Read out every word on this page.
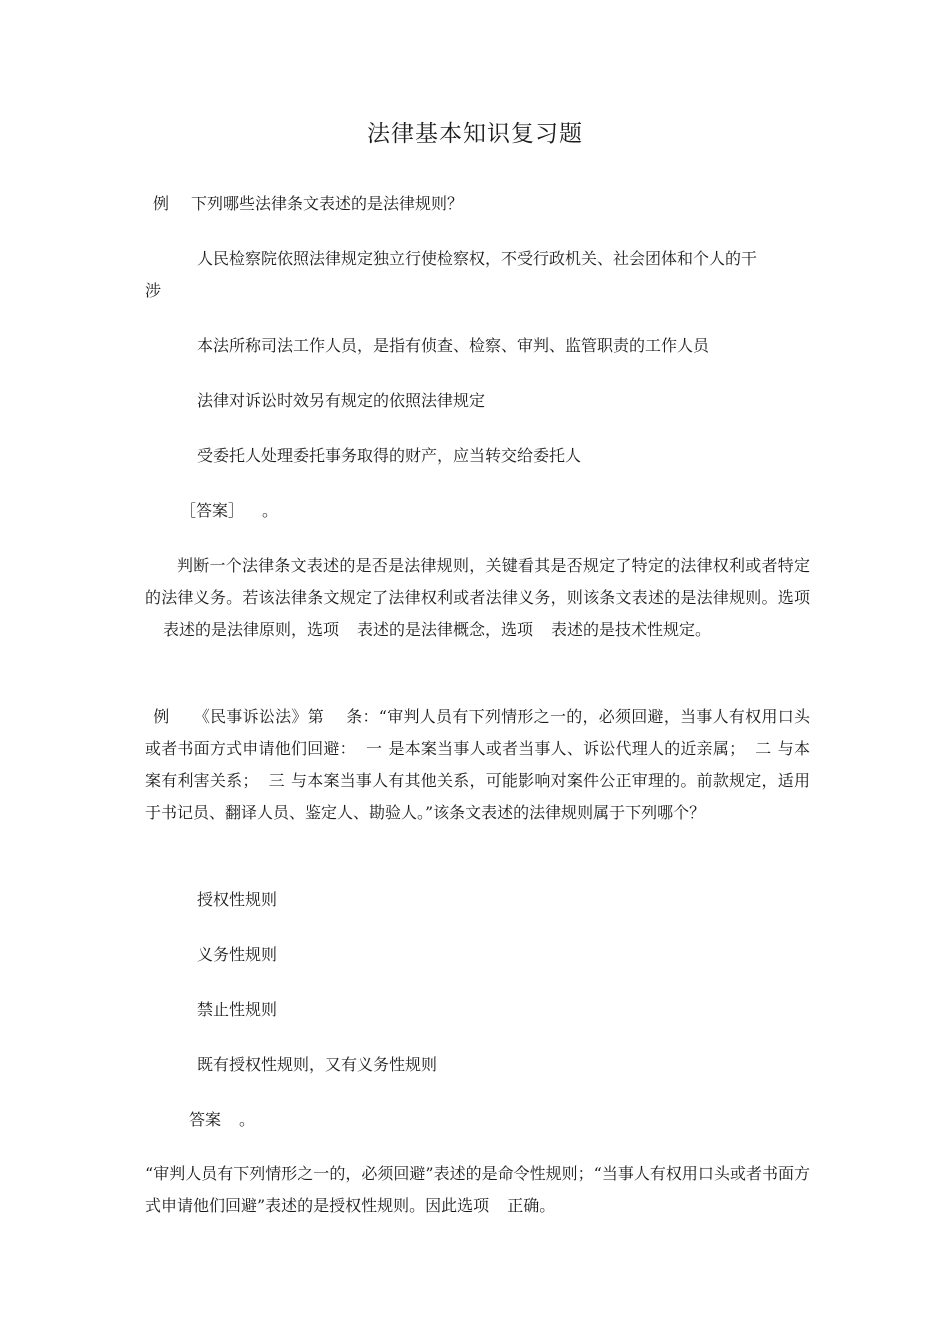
法律基本知识复习题
例 下列哪些法律条文表述的是法律规则？
人民检察院依照法律规定独立行使检察权，不受行政机关、社会团体和个人的干
涉
本法所称司法工作人员，是指有侦查、检察、审判、监管职责的工作人员
法律对诉讼时效另有规定的依照法律规定
受委托人处理委托事务取得的财产，应当转交给委托人
［答案］ 。
判断一个法律条文表述的是否是法律规则，关键看其是否规定了特定的法律权利或者特定的法律义务。若该法律条文规定了法律权利或者法律义务，则该条文表述的是法律规则。选项表述的是法律原则，选项 表述的是法律概念，选项 表述的是技术性规定。
例 《民事诉讼法》第 条：“审判人员有下列情形之一的，必须回避，当事人有权用口头或者书面方式申请他们回避： 一 是本案当事人或者当事人、诉讼代理人的近亲属； 二 与本案有利害关系； 三 与本案当事人有其他关系，可能影响对案件公正审理的。前款规定，适用于书记员、翻译人员、鉴定人、勘验人。”该条文表述的法律规则属于下列哪个？
授权性规则
义务性规则
禁止性规则
既有授权性规则，又有义务性规则
答案 。
“审判人员有下列情形之一的，必须回避”表述的是命令性规则；“当事人有权用口头或者书面方式申请他们回避”表述的是授权性规则。因此选项 正确。
